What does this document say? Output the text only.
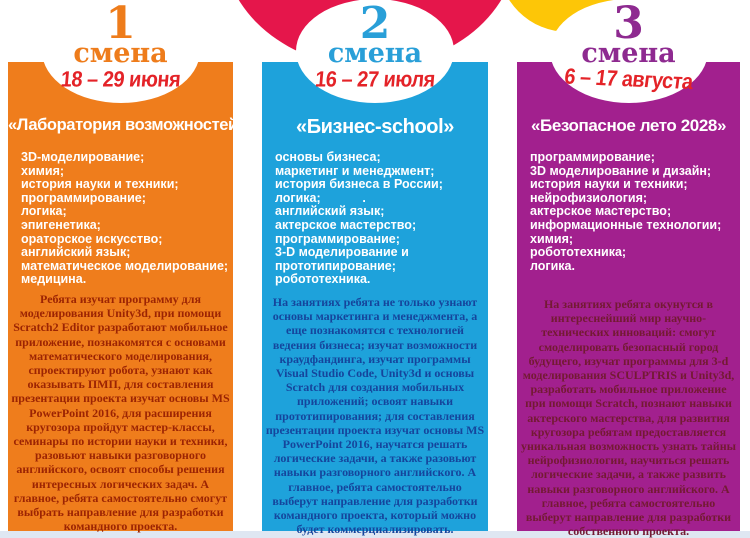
1
смена
18 – 29 июня
«Лаборатория возможностей»
3D-моделирование;
химия;
история науки и техники;
программирование;
логика;
эпигенетика;
ораторское искусство;
английский язык;
математическое моделирование;
медицина.
Ребята изучат программу для моделирования Unity3d, при помощи Scratch2 Editor разработают мобильное приложение, познакомятся с основами математического моделирования, спроектируют робота, узнают как оказывать ПМП, для составления презентации проекта изучат основы MS PowerPoint 2016, для расширения кругозора пройдут мастер-классы, семинары по истории науки и техники, разовьют навыки разговорного английского, освоят способы решения интересных логических задач. А главное, ребята самостоятельно смогут выбрать направление для разработки командного проекта.
2
смена
16 – 27 июля
«Бизнес-school»
основы бизнеса;
маркетинг и менеджмент;
история бизнеса в России;
логика;            .
английский язык;
актерское мастерство;
программирование;
3-D моделирование и
прототипирование;
робототехника.
На занятиях ребята не только узнают основы маркетинга и менеджмента, а еще познакомятся с технологией ведения бизнеса; изучат возможности краудфандинга, изучат программы Visual Studio Code, Unity3d и основы Scratch для создания мобильных приложений; освоят навыки прототипирования; для составления презентации проекта изучат основы MS PowerPoint 2016, научатся решать логические задачи, а также разовьют навыки разговорного английского. А главное, ребята самостоятельно выберут направление для разработки командного проекта, который можно будет коммерциализировать.
3
смена
6 – 17 августа
«Безопасное лето 2028»
программирование;
3D моделирование и дизайн;
история науки и техники;
нейрофизиология;
актерское мастерство;
информационные технологии;
химия;
робототехника;
логика.
На занятиях ребята окунутся в интереснейший мир научно-технических инноваций: смогут смоделировать безопасный город будущего, изучат программы для 3-d моделирования SCULPTRIS и Unity3d, разработать мобильное приложение при помощи Scratch, познают навыки актерского мастерства, для развития кругозора ребятам предоставляется уникальная возможность узнать тайны нейрофизиологии, научиться решать логические задачи, а также развить навыки разговорного английского. А главное, ребята самостоятельно выберут направление для разработки собственного проекта.
